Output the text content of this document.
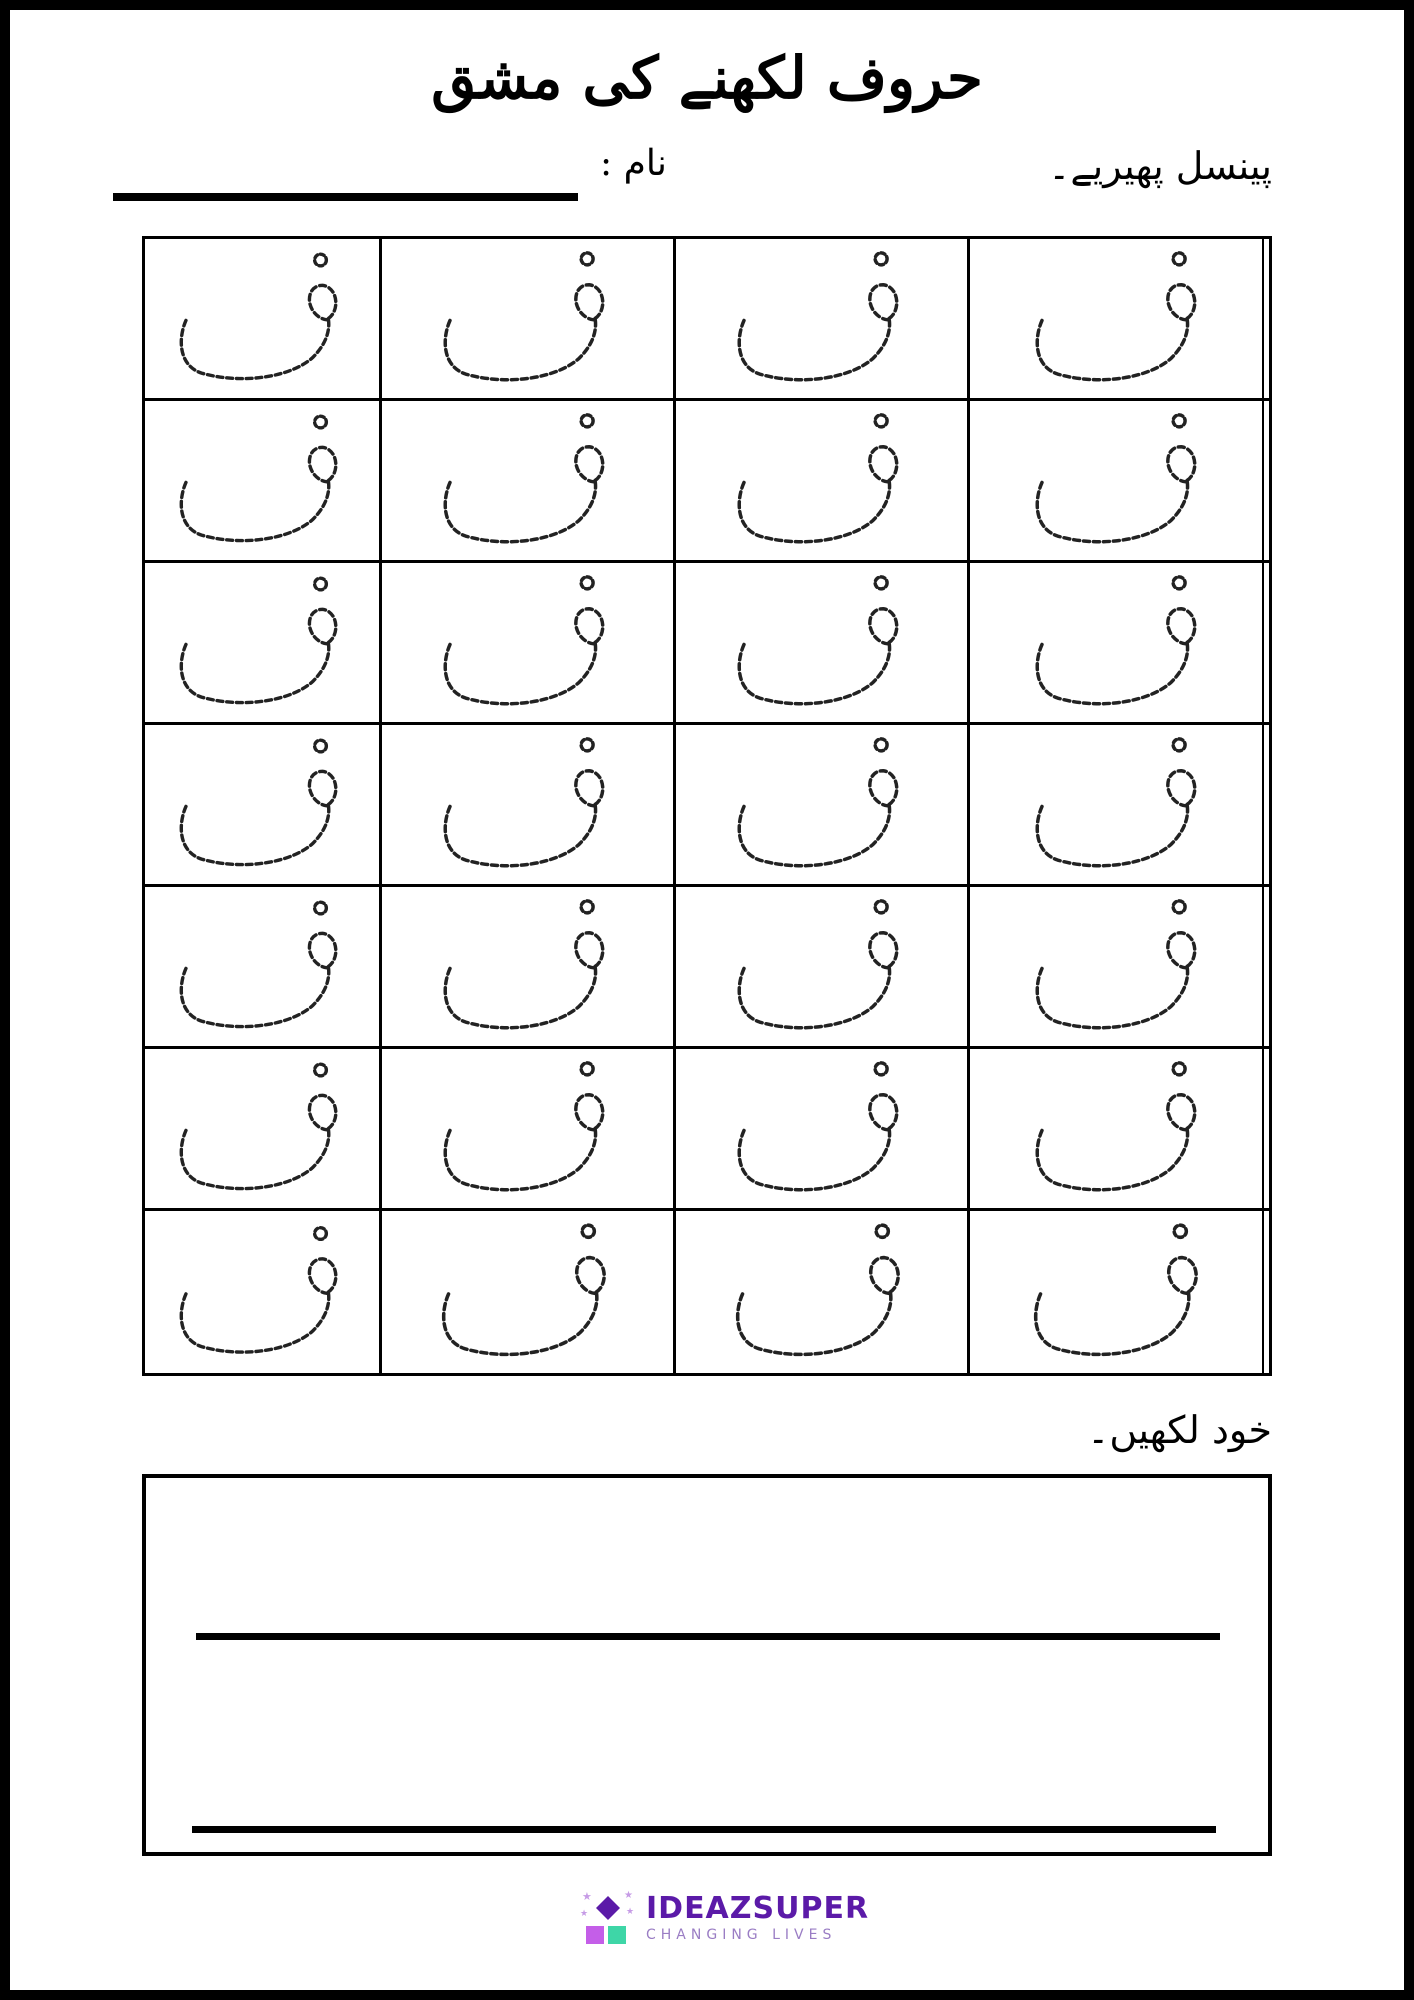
حروف لکھنے کی مشق
پینسل پھیریے۔
نام :
خود لکھیں۔
★	★
★	★ IDEAZSUPER
CHANGING LIVES
